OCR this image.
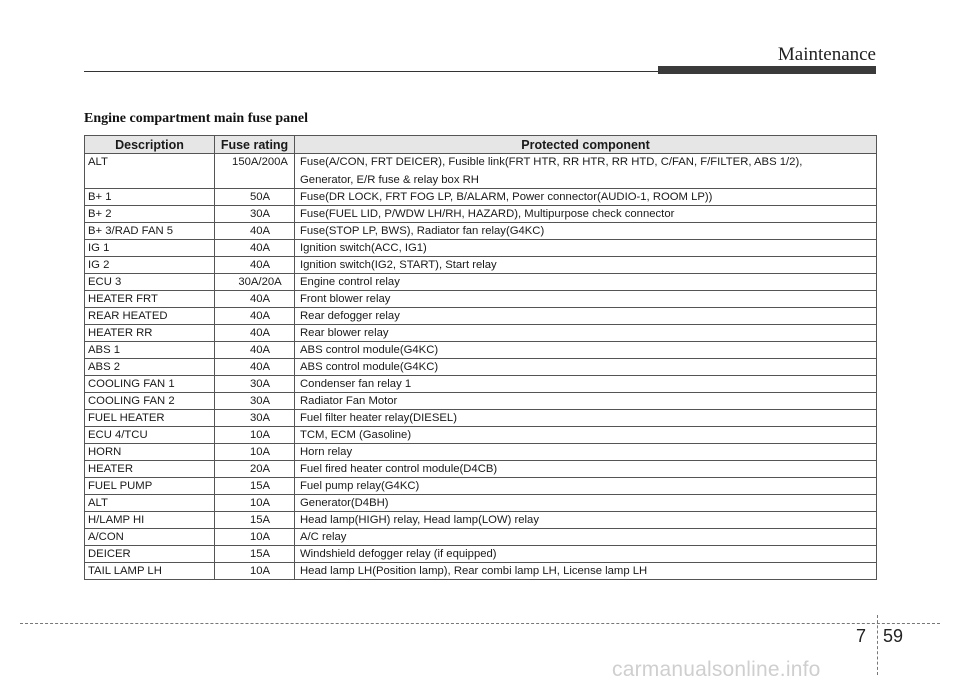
Maintenance
Engine compartment main fuse panel
Description	Fuse rating	Protected component

ALT	150A/200A	Fuse(A/CON, FRT DEICER), Fusible link(FRT HTR, RR HTR, RR HTD, C/FAN, F/FILTER, ABS 1/2),
Generator, E/R fuse & relay box RH

B+ 1	50A	Fuse(DR LOCK, FRT FOG LP, B/ALARM, Power connector(AUDIO-1, ROOM LP))

B+ 2	30A	Fuse(FUEL LID, P/WDW LH/RH, HAZARD), Multipurpose check connector

B+ 3/RAD FAN 5	40A	Fuse(STOP LP, BWS), Radiator fan relay(G4KC)

IG 1	40A	Ignition switch(ACC, IG1)

IG 2	40A	Ignition switch(IG2, START), Start relay

ECU 3	30A/20A	Engine control relay

HEATER FRT	40A	Front blower relay

REAR HEATED	40A	Rear defogger relay

HEATER RR	40A	Rear blower relay

ABS 1	40A	ABS control module(G4KC)

ABS 2	40A	ABS control module(G4KC)

COOLING FAN 1	30A	Condenser fan relay 1

COOLING FAN 2	30A	Radiator Fan Motor

FUEL HEATER	30A	Fuel filter heater relay(DIESEL)

ECU 4/TCU	10A	TCM, ECM (Gasoline)

HORN	10A	Horn relay

HEATER	20A	Fuel fired heater control module(D4CB)

FUEL PUMP	15A	Fuel pump relay(G4KC)

ALT	10A	Generator(D4BH)

H/LAMP HI	15A	Head lamp(HIGH) relay, Head lamp(LOW) relay

A/CON	10A	A/C relay

DEICER	15A	Windshield defogger relay (if equipped)

TAIL LAMP LH	10A	Head lamp LH(Position lamp), Rear combi lamp LH, License lamp LH
7 59
carmanualsonline.info
